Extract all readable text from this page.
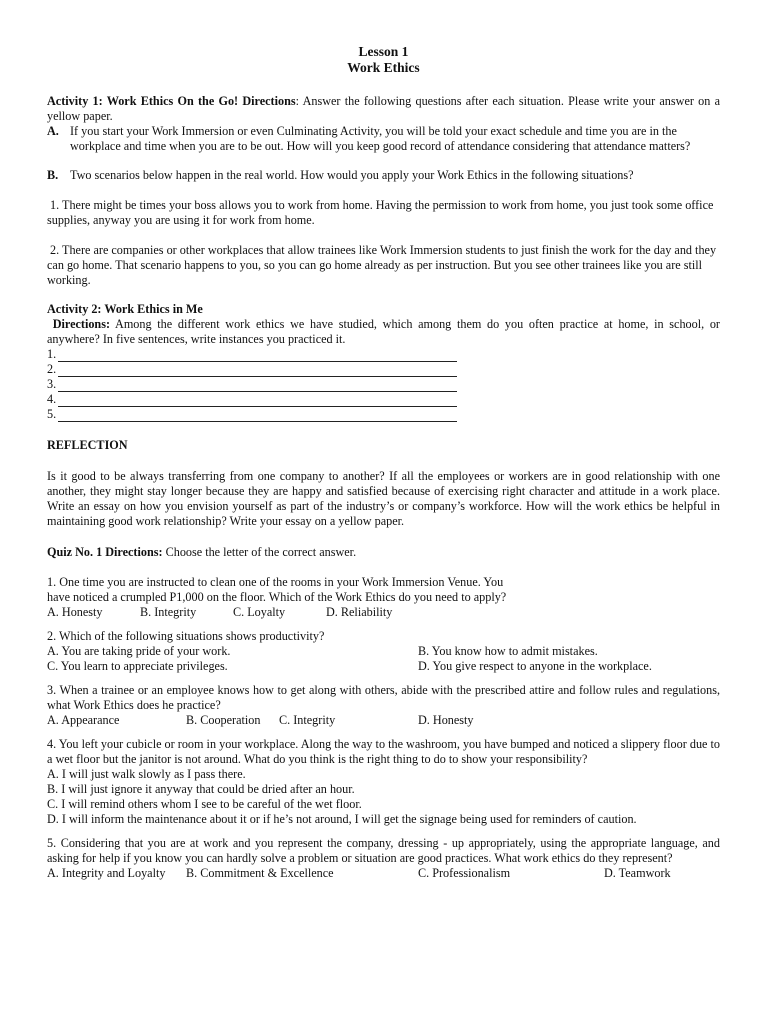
Lesson 1
Work Ethics

Activity 1: Work Ethics On the Go! Directions: Answer the following questions after each situation. Please write your answer on a yellow paper.

A. If you start your Work Immersion or even Culminating Activity, you will be told your exact schedule and time you are in the workplace and time when you are to be out. How will you keep good record of attendance considering that attendance matters?
B. Two scenarios below happen in the real world. How would you apply your Work Ethics in the following situations?

1. There might be times your boss allows you to work from home. Having the permission to work from home, you just took some office supplies, anyway you are using it for work from home.

2. There are companies or other workplaces that allow trainees like Work Immersion students to just finish the work for the day and they can go home. That scenario happens to you, so you can go home already as per instruction. But you see other trainees like you are still working.

Activity 2: Work Ethics in Me

Directions: Among the different work ethics we have studied, which among them do you often practice at home, in school, or anywhere? In five sentences, write instances you practiced it.

1.
2.
3.
4.
5.

REFLECTION

Is it good to be always transferring from one company to another? If all the employees or workers are in good relationship with one another, they might stay longer because they are happy and satisfied because of exercising right character and attitude in a work place. Write an essay on how you envision yourself as part of the industry’s or company’s workforce. How will the work ethics be helpful in maintaining good work relationship? Write your essay on a yellow paper.

Quiz No. 1 Directions: Choose the letter of the correct answer.

1. One time you are instructed to clean one of the rooms in your Work Immersion Venue. You

have noticed a crumpled P1,000 on the floor. Which of the Work Ethics do you need to apply?

A. Honesty	B. Integrity	C. Loyalty	D. Reliability

2. Which of the following situations shows productivity?

A. You are taking pride of your work.	B. You know how to admit mistakes.
C. You learn to appreciate privileges.	D. You give respect to anyone in the workplace.

3. When a trainee or an employee knows how to get along with others, abide with the prescribed attire and follow rules and regulations, what Work Ethics does he practice?

A. Appearance	B. Cooperation	C. Integrity	D. Honesty

4. You left your cubicle or room in your workplace. Along the way to the washroom, you have bumped and noticed a slippery floor due to a wet floor but the janitor is not around. What do you think is the right thing to do to show your responsibility?

A. I will just walk slowly as I pass there.

B. I will just ignore it anyway that could be dried after an hour.

C. I will remind others whom I see to be careful of the wet floor.

D. I will inform the maintenance about it or if he’s not around, I will get the signage being used for reminders of caution.

5. Considering that you are at work and you represent the company, dressing - up appropriately, using the appropriate language, and asking for help if you know you can hardly solve a problem or situation are good practices. What work ethics do they represent?

A. Integrity and Loyalty	B. Commitment & Excellence	C. Professionalism	D. Teamwork
